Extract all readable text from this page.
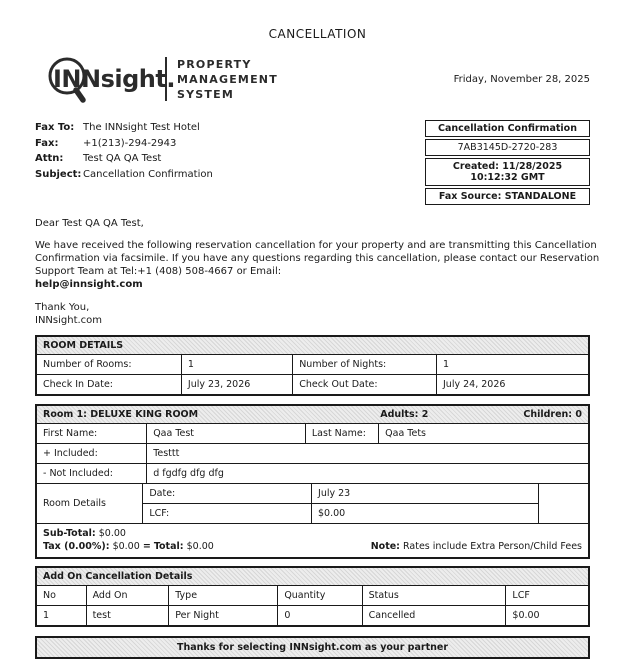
CANCELLATION
INNsight.
PROPERTY
MANAGEMENT
SYSTEM
Friday, November 28, 2025
Fax To: The INNsight Test Hotel
Fax:	+1(213)-294-2943
Attn:	Test QA QA Test
Subject: Cancellation Confirmation
Cancellation Confirmation
7AB3145D-2720-283
Created: 11/28/2025 10:12:32 GMT
Fax Source: STANDALONE
Dear Test QA QA Test,
We have received the following reservation cancellation for your property and are transmitting this Cancellation Confirmation via facsimile. If you have any questions regarding this cancellation, please contact our Reservation Support Team at Tel:+1 (408) 508-4667 or Email:
help@innsight.com
Thank You,
INNsight.com
ROOM DETAILS
Number of Rooms:	1	Number of Nights:	1
Check In Date:	July 23, 2026	Check Out Date:	July 24, 2026
Room 1: DELUXE KING ROOM	Adults: 2	Children: 0
First Name:	Qaa Test	Last Name:	Qaa Tets
+ Included:	Testtt
- Not Included:	d fgdfg dfg dfg
Room Details
Date:	July 23
LCF:	$0.00
Sub-Total: $0.00
Tax (0.00%): $0.00 = Total: $0.00	Note: Rates include Extra Person/Child Fees
Add On Cancellation Details
No	Add On	Type	Quantity	Status	LCF
1	test	Per Night	0	Cancelled	$0.00
Thanks for selecting INNsight.com as your partner
